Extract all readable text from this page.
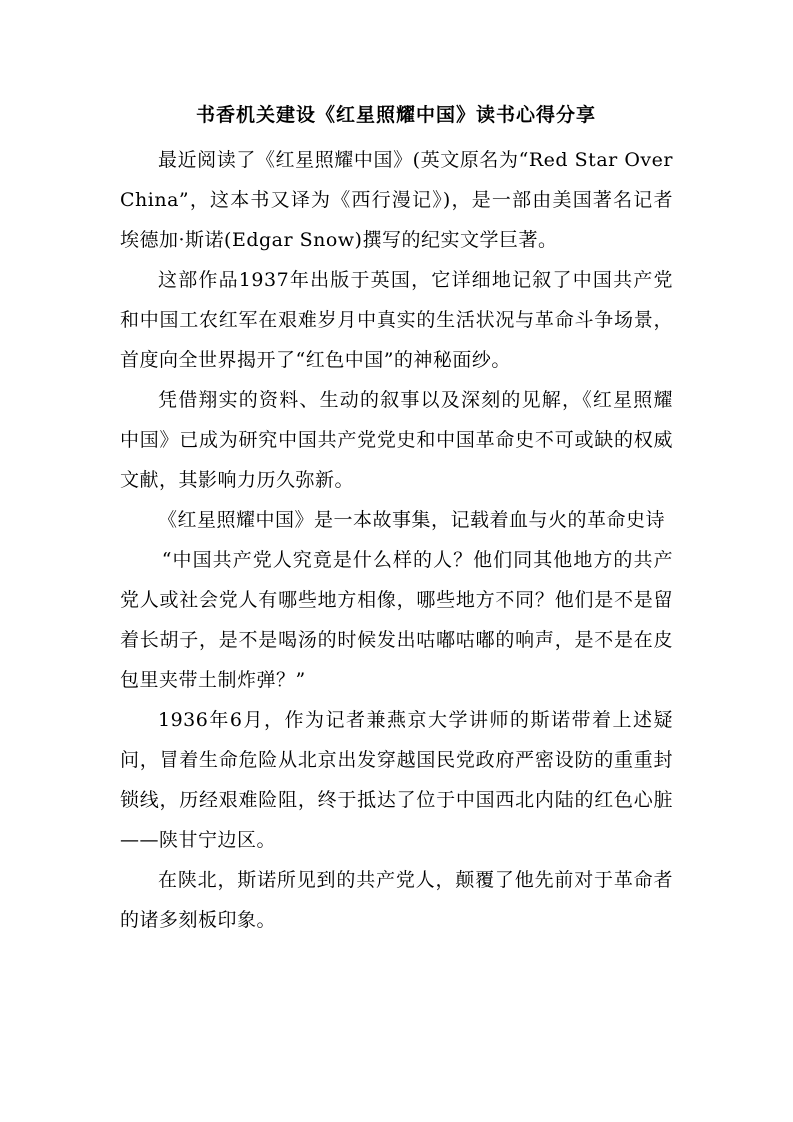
书香机关建设《红星照耀中国》读书心得分享

最近阅读了《红星照耀中国》(英文原名为“Red Star Over China”，这本书又译为《西行漫记》)，是一部由美国著名记者埃德加·斯诺(Edgar Snow)撰写的纪实文学巨著。

这部作品1937年出版于英国，它详细地记叙了中国共产党和中国工农红军在艰难岁月中真实的生活状况与革命斗争场景，首度向全世界揭开了“红色中国”的神秘面纱。

凭借翔实的资料、生动的叙事以及深刻的见解，《红星照耀中国》已成为研究中国共产党党史和中国革命史不可或缺的权威文献，其影响力历久弥新。

《红星照耀中国》是一本故事集，记载着血与火的革命史诗

“中国共产党人究竟是什么样的人？他们同其他地方的共产党人或社会党人有哪些地方相像，哪些地方不同？他们是不是留着长胡子，是不是喝汤的时候发出咕嘟咕嘟的响声，是不是在皮包里夹带土制炸弹？”

1936年6月，作为记者兼燕京大学讲师的斯诺带着上述疑问，冒着生命危险从北京出发穿越国民党政府严密设防的重重封锁线，历经艰难险阻，终于抵达了位于中国西北内陆的红色心脏——陕甘宁边区。

在陕北，斯诺所见到的共产党人，颠覆了他先前对于革命者的诸多刻板印象。
